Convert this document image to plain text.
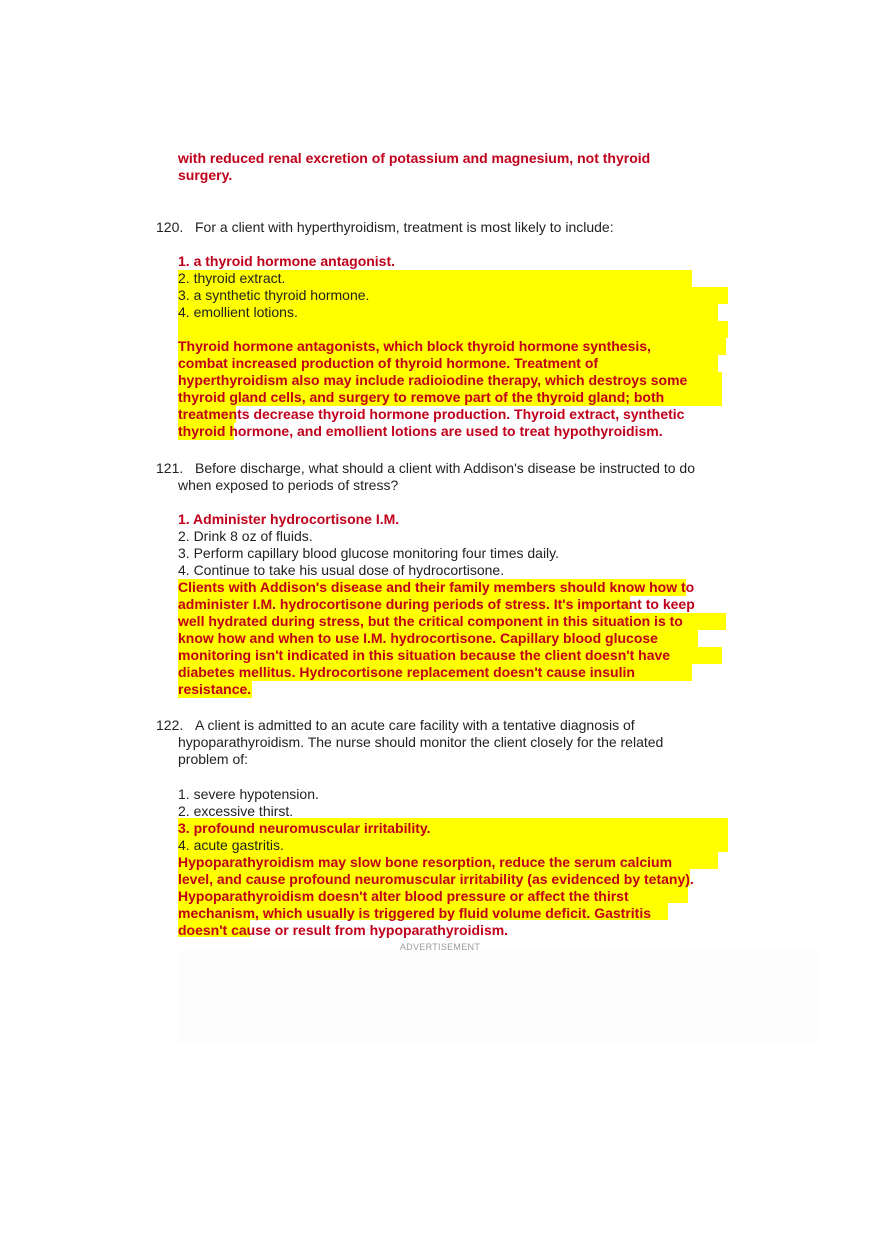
with reduced renal excretion of potassium and magnesium, not thyroid
surgery.
120. For a client with hyperthyroidism, treatment is most likely to include:
1. a thyroid hormone antagonist.
2. thyroid extract.
3. a synthetic thyroid hormone.
4. emollient lotions.
Thyroid hormone antagonists, which block thyroid hormone synthesis,
combat increased production of thyroid hormone. Treatment of
hyperthyroidism also may include radioiodine therapy, which destroys some
thyroid gland cells, and surgery to remove part of the thyroid gland; both
treatments decrease thyroid hormone production. Thyroid extract, synthetic
thyroid hormone, and emollient lotions are used to treat hypothyroidism.
121. Before discharge, what should a client with Addison's disease be instructed to do
when exposed to periods of stress?
1. Administer hydrocortisone I.M.
2. Drink 8 oz of fluids.
3. Perform capillary blood glucose monitoring four times daily.
4. Continue to take his usual dose of hydrocortisone.
Clients with Addison's disease and their family members should know how to
administer I.M. hydrocortisone during periods of stress. It's important to keep
well hydrated during stress, but the critical component in this situation is to
know how and when to use I.M. hydrocortisone. Capillary blood glucose
monitoring isn't indicated in this situation because the client doesn't have
diabetes mellitus. Hydrocortisone replacement doesn't cause insulin
resistance.
122. A client is admitted to an acute care facility with a tentative diagnosis of
hypoparathyroidism. The nurse should monitor the client closely for the related
problem of:
1. severe hypotension.
2. excessive thirst.
3. profound neuromuscular irritability.
4. acute gastritis.
Hypoparathyroidism may slow bone resorption, reduce the serum calcium
level, and cause profound neuromuscular irritability (as evidenced by tetany).
Hypoparathyroidism doesn't alter blood pressure or affect the thirst
mechanism, which usually is triggered by fluid volume deficit. Gastritis
doesn't cause or result from hypoparathyroidism.
ADVERTISEMENT
